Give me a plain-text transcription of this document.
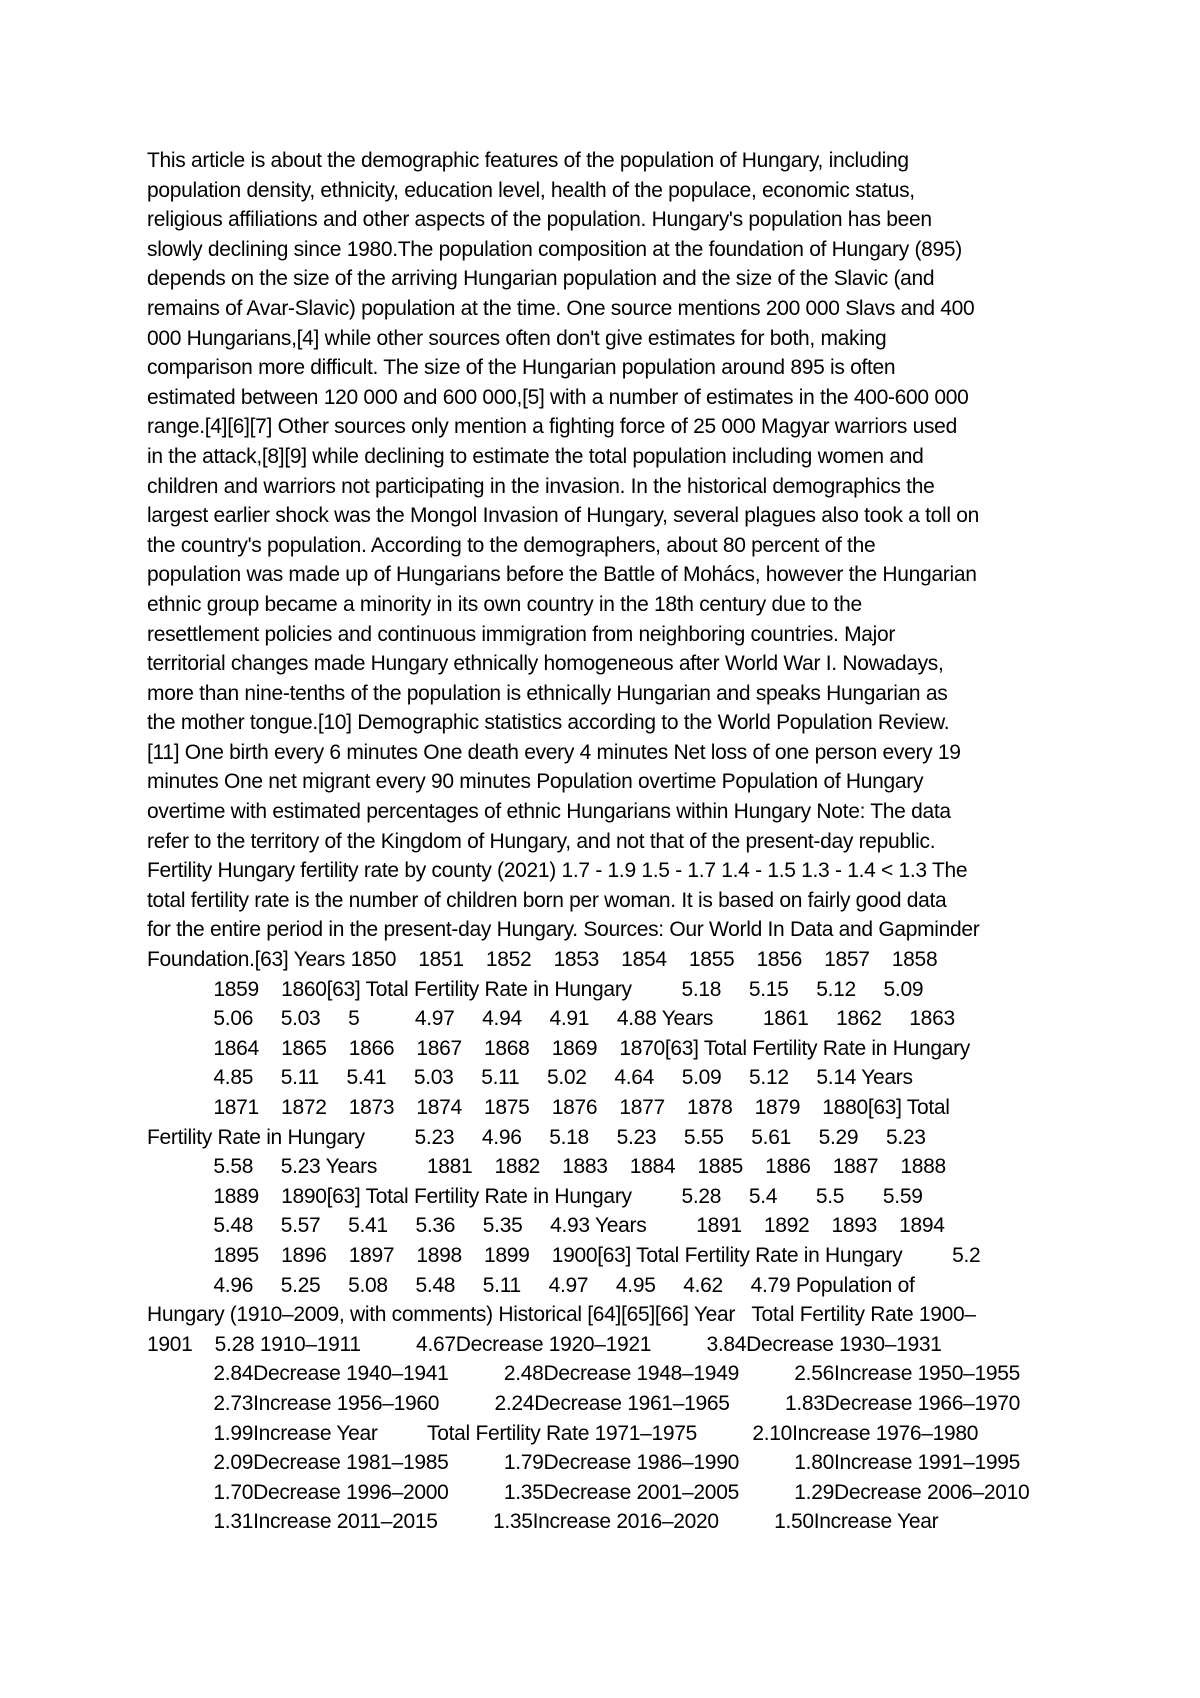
This article is about the demographic features of the population of Hungary, including
population density, ethnicity, education level, health of the populace, economic status,
religious affiliations and other aspects of the population. Hungary's population has been
slowly declining since 1980.The population composition at the foundation of Hungary (895)
depends on the size of the arriving Hungarian population and the size of the Slavic (and
remains of Avar-Slavic) population at the time. One source mentions 200 000 Slavs and 400
000 Hungarians,[4] while other sources often don't give estimates for both, making
comparison more difficult. The size of the Hungarian population around 895 is often
estimated between 120 000 and 600 000,[5] with a number of estimates in the 400-600 000
range.[4][6][7] Other sources only mention a fighting force of 25 000 Magyar warriors used
in the attack,[8][9] while declining to estimate the total population including women and
children and warriors not participating in the invasion. In the historical demographics the
largest earlier shock was the Mongol Invasion of Hungary, several plagues also took a toll on
the country's population. According to the demographers, about 80 percent of the
population was made up of Hungarians before the Battle of Mohács, however the Hungarian
ethnic group became a minority in its own country in the 18th century due to the
resettlement policies and continuous immigration from neighboring countries. Major
territorial changes made Hungary ethnically homogeneous after World War I. Nowadays,
more than nine-tenths of the population is ethnically Hungarian and speaks Hungarian as
the mother tongue.[10] Demographic statistics according to the World Population Review.
[11] One birth every 6 minutes One death every 4 minutes Net loss of one person every 19
minutes One net migrant every 90 minutes Population overtime Population of Hungary
overtime with estimated percentages of ethnic Hungarians within Hungary Note: The data
refer to the territory of the Kingdom of Hungary, and not that of the present-day republic.
Fertility Hungary fertility rate by county (2021) 1.7 - 1.9 1.5 - 1.7 1.4 - 1.5 1.3 - 1.4 < 1.3 The
total fertility rate is the number of children born per woman. It is based on fairly good data
for the entire period in the present-day Hungary. Sources: Our World In Data and Gapminder
Foundation.[63] Years 1850    1851    1852    1853    1854    1855    1856    1857    1858
1859    1860[63] Total Fertility Rate in Hungary         5.18     5.15     5.12     5.09
5.06     5.03     5          4.97     4.94     4.91     4.88 Years         1861     1862     1863
1864    1865    1866    1867    1868    1869    1870[63] Total Fertility Rate in Hungary
4.85     5.11     5.41     5.03     5.11     5.02     4.64     5.09     5.12     5.14 Years
1871    1872    1873    1874    1875    1876    1877    1878    1879    1880[63] Total
Fertility Rate in Hungary         5.23     4.96     5.18     5.23     5.55     5.61     5.29     5.23
5.58     5.23 Years         1881    1882    1883    1884    1885    1886    1887    1888
1889    1890[63] Total Fertility Rate in Hungary         5.28     5.4       5.5       5.59
5.48     5.57     5.41     5.36     5.35     4.93 Years         1891    1892    1893    1894
1895    1896    1897    1898    1899    1900[63] Total Fertility Rate in Hungary         5.2
4.96     5.25     5.08     5.48     5.11     4.97     4.95     4.62     4.79 Population of
Hungary (1910–2009, with comments) Historical [64][65][66] Year   Total Fertility Rate 1900–
1901    5.28 1910–1911          4.67Decrease 1920–1921          3.84Decrease 1930–1931
2.84Decrease 1940–1941          2.48Decrease 1948–1949          2.56Increase 1950–1955
2.73Increase 1956–1960          2.24Decrease 1961–1965          1.83Decrease 1966–1970
1.99Increase Year         Total Fertility Rate 1971–1975          2.10Increase 1976–1980
2.09Decrease 1981–1985          1.79Decrease 1986–1990          1.80Increase 1991–1995
1.70Decrease 1996–2000          1.35Decrease 2001–2005          1.29Decrease 2006–2010
1.31Increase 2011–2015          1.35Increase 2016–2020          1.50Increase Year
